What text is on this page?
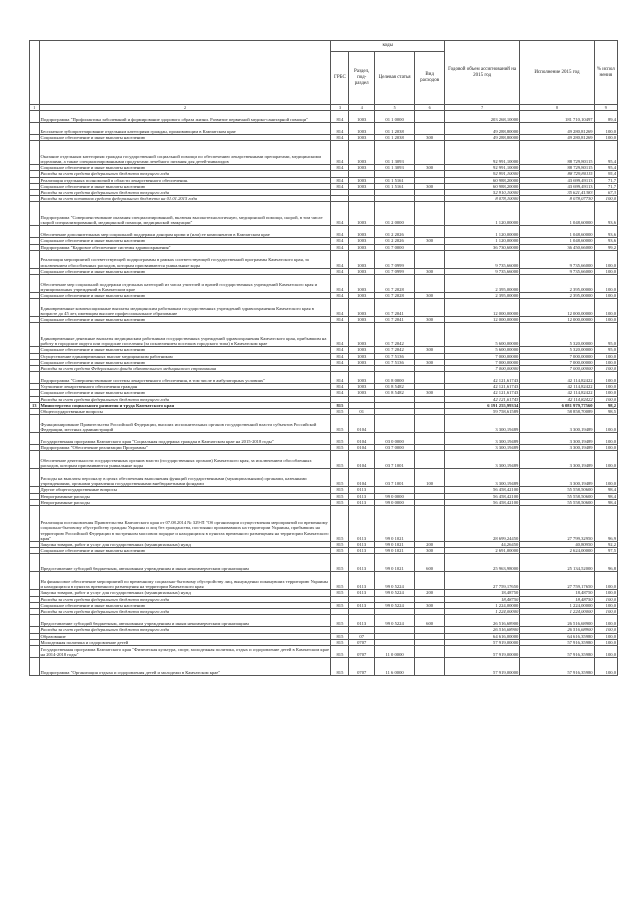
		коды				Годовой объем ассигнований на 2015 год	Исполнение 2015 год	% испол нения
		ГРБС	Раздел, под-раздел	Целевая статья	Вид расходов			
1	2	3	4	5	6	7	8	9
	Подпрограмма "Профилактика заболеваний и формирование здорового образа жизни. Развитие первичной медико-санитарной помощи"	814	1003	01 1 0000		203 268,10000	181 710,10497	89,4
	Бесплатное зубопротезирование отдельным категориям граждан, проживающим в Камчатском крае	814	1003	01 1 2038		49 288,80000	49 280,81269	100,0
	Социальное обеспечение и иные выплаты населению	814	1003	01 1 2038	300	49 288,80000	49 280,81269	100,0
	Оказание отдельным категориям граждан государственной социальной помощи по обеспечению лекарственными препаратами, медицинскими изделиями, а также специализированными продуктами лечебного питания для детей-инвалидов	814	1003	01 1 3093		92 991,10000	88 729,80115	95,4
	Социальное обеспечение и иные выплаты населению	814	1003	01 1 3093	300	92 991,10000	88 729,80115	95,4
	Расходы за счет средств федерального бюджета текущего года					92 991,10000	88 729,80115	95,4
	Реализация отдельных полномочий в области лекарственного обеспечения.	814	1003	01 1 5161		60 988,20000	43 699,49113	71,7
	Социальное обеспечение и иные выплаты населению	814	1003	01 1 5161	300	60 988,20000	43 699,49113	71,7
	Расходы за счет средств федерального бюджета текущего года					52 910,10000	35 621,41383	67,3
	Расходы за счет остатков средств федерального бюджета на 01.01.2015 года					8 078,10000	8 078,07730	100,0
	Подпрограмма "Совершенствование оказания специализированной, включая высокотехнологичную, медицинской помощи, скорой, в том числе скорой специализированной, медицинской помощи, медицинской эвакуации"	814	1003	01 2 0000		1 120,00000	1 048,60000	93,6
	Обеспечение дополнительных мер социальной поддержки донорам крови и (или) ее компонентов в Камчатском крае	814	1003	01 2 2026		1 120,00000	1 048,60000	93,6
	Социальное обеспечение и иные выплаты населению	814	1003	01 2 2026	300	1 120,00000	1 048,60000	93,6
	Подпрограмма "Кадровое обеспечение системы здравоохранения"	814	1003	01 7 0000		36 730,60000	36 450,66000	99,2
	Реализация мероприятий соответствующей подпрограммы в рамках соответствующей государственной программы Камчатского края, за исключением обособленных расходов, которым присваиваются уникальные коды	814	1003	01 7 0999		9 735,66000	9 735,66000	100,0
	Социальное обеспечение и иные выплаты населению	814	1003	01 7 0999	300	9 735,66000	9 735,66000	100,0
	Обеспечение мер социальной поддержки отдельных категорий из числа учителей и врачей государственных учреждений Камчатского края и муниципальных учреждений в Камчатском крае	814	1003	01 7 2028		2 395,00000	2 395,00000	100,0
	Социальное обеспечение и иные выплаты населению	814	1003	01 7 2028	300	2 395,00000	2 395,00000	100,0
	Единовременные компенсационные выплаты медицинским работникам государственных учреждений здравоохранения Камчатского края в возрасте до 45 лет, имеющим высшее профессиональное образование	814	1003	01 7 2041		12 000,00000	12 000,00000	100,0
	Социальное обеспечение и иные выплаты населению	814	1003	01 7 2041	300	12 000,00000	12 000,00000	100,0
	Единовременные денежные выплаты медицинским работникам государственных учреждений здравоохранения Камчатского края, прибывшим на работу в городские округа или городские поселения (за исключением поселков городского типа) в Камчатском крае	814	1003	01 7 2042		5 600,00000	5 320,00000	95,0
	Социальное обеспечение и иные выплаты населению	814	1003	01 7 2042	300	5 600,00000	5 320,00000	95,0
	Осуществление единовременных выплат медицинским работникам	814	1003	01 7 5136		7 000,00000	7 000,00000	100,0
	Социальное обеспечение и иные выплаты населению	814	1003	01 7 5136	300	7 000,00000	7 000,00000	100,0
	Расходы за счет средств Федерального фонда обязательного медицинского страхования					7 000,00000	7 000,00000	100,0
	Подпрограмма "Совершенствование системы лекарственного обеспечения, в том числе в амбулаторных условиях"	814	1003	01 8 0000		42 121,61743	42 114,82422	100,0
	Улучшение лекарственного обеспечения граждан	814	1003	01 8 5482		42 121,61743	42 114,82422	100,0
	Социальное обеспечение и иные выплаты населению	814	1003	01 8 5482	300	42 121,61743	42 114,82422	100,0
	Расходы за счет средств федерального бюджета текущего года					42 121,61743	42 114,82422	100,0
13	Министерство социального развития и труда Камчатского края	815				6 191 255,99334	6 081 979,77560	98,2
	Общегосударственные вопросы	815	01			59 758,61589	58 858,70089	98,5
	Функционирование Правительства Российской Федерации, высших исполнительных органов государственной власти субъектов Российской Федерации, местных администраций	815	0104			3 300,19489	3 300,19489	100,0
	Государственная программа Камчатского края "Социальная поддержка граждан в Камчатском крае на 2015-2018 годы"	815	0104	03 0 0000		3 300,19489	3 300,19489	100,0
	Подпрограмма "Обеспечение реализации Программы"	815	0104	03 7 0000		3 300,19489	3 300,19489	100,0
	Обеспечение деятельности государственных органов власти (государственных органов) Камчатского края, за исключением обособленных расходов, которым присваиваются уникальные коды	815	0104	03 7 1001		3 300,19489	3 300,19489	100,0
	Расходы на выплаты персоналу в целях обеспечения выполнения функций государственными (муниципальными) органами, казенными учреждениями, органами управления государственными внебюджетными фондами	815	0104	03 7 1001	100	3 300,19489	3 300,19489	100,0
	Другие общегосударственные вопросы	815	0113			56 458,42100	55 558,50600	98,4
	Непрограммные расходы	815	0113	99 0 0000		56 458,42100	55 558,50600	98,4
	Непрограммные расходы	815	0113	99 0 0000		56 458,42100	55 558,50600	98,4
	Реализация постановления Правительства Камчатского края от 07.08.2014 № 329-П "Об организации осуществления мероприятий по временному социально-бытовому обустройству граждан Украины и лиц без гражданства, постоянно проживавших на территории Украины, прибывших на территорию Российской Федерации в экстренном массовом порядке и находящихся в пунктах временного размещения на территории Камчатского края"	815	0113	99 0 1021		28 699,24450	27 799,32950	96,9
	Закупка товаров, работ и услуг для государственных (муниципальных) нужд	815	0113	99 0 1021	200	44,26450	40,80950	92,2
	Социальное обеспечение и иные выплаты населению	815	0113	99 0 1021	300	2 691,00000	2 624,00000	97,5
	Предоставление субсидий бюджетным, автономным учреждениям и иным некоммерческим организациям	815	0113	99 0 1021	600	25 963,98000	25 134,52000	96,8
	На финансовое обеспечение мероприятий по временному социально-бытовому обустройству лиц, вынужденно покинувших территорию Украины и находящихся в пунктах временного размещения на территории Камчатского края	815	0113	99 0 5224		27 759,17650	27 759,17650	100,0
	Закупка товаров, работ и услуг для государственных (муниципальных) нужд	815	0113	99 0 5224	200	18,48750	18,48750	100,0
	Расходы за счет средств федерального бюджета текущего года					18,48750	18,48750	100,0
	Социальное обеспечение и иные выплаты населению	815	0113	99 0 5224	300	1 224,00000	1 224,00000	100,0
	Расходы за счет средств федерального бюджета текущего года					1 224,00000	1 224,00000	100,0
	Предоставление субсидий бюджетным, автономным учреждениям и иным некоммерческим организациям	815	0113	99 0 5224	600	26 516,68900	26 516,68900	100,0
	Расходы за счет средств федерального бюджета текущего года					26 516,68900	26 516,68900	100,0
	Образование	815	07			64 616,00000	64 616,35980	100,0
	Молодежная политика и оздоровление детей	815	0707			57 919,00000	57 916,35980	100,0
	Государственная программа Камчатского края "Физическая культура, спорт, молодежная политика, отдых и оздоровление детей в Камчатском крае на 2014-2018 годы"	815	0707	11 0 0000		57 919,00000	57 916,35980	100,0
	Подпрограмма "Организация отдыха и оздоровления детей и молодежи в Камчатском крае"	815	0707	11 6 0000		57 919,00000	57 916,35980	100,0
